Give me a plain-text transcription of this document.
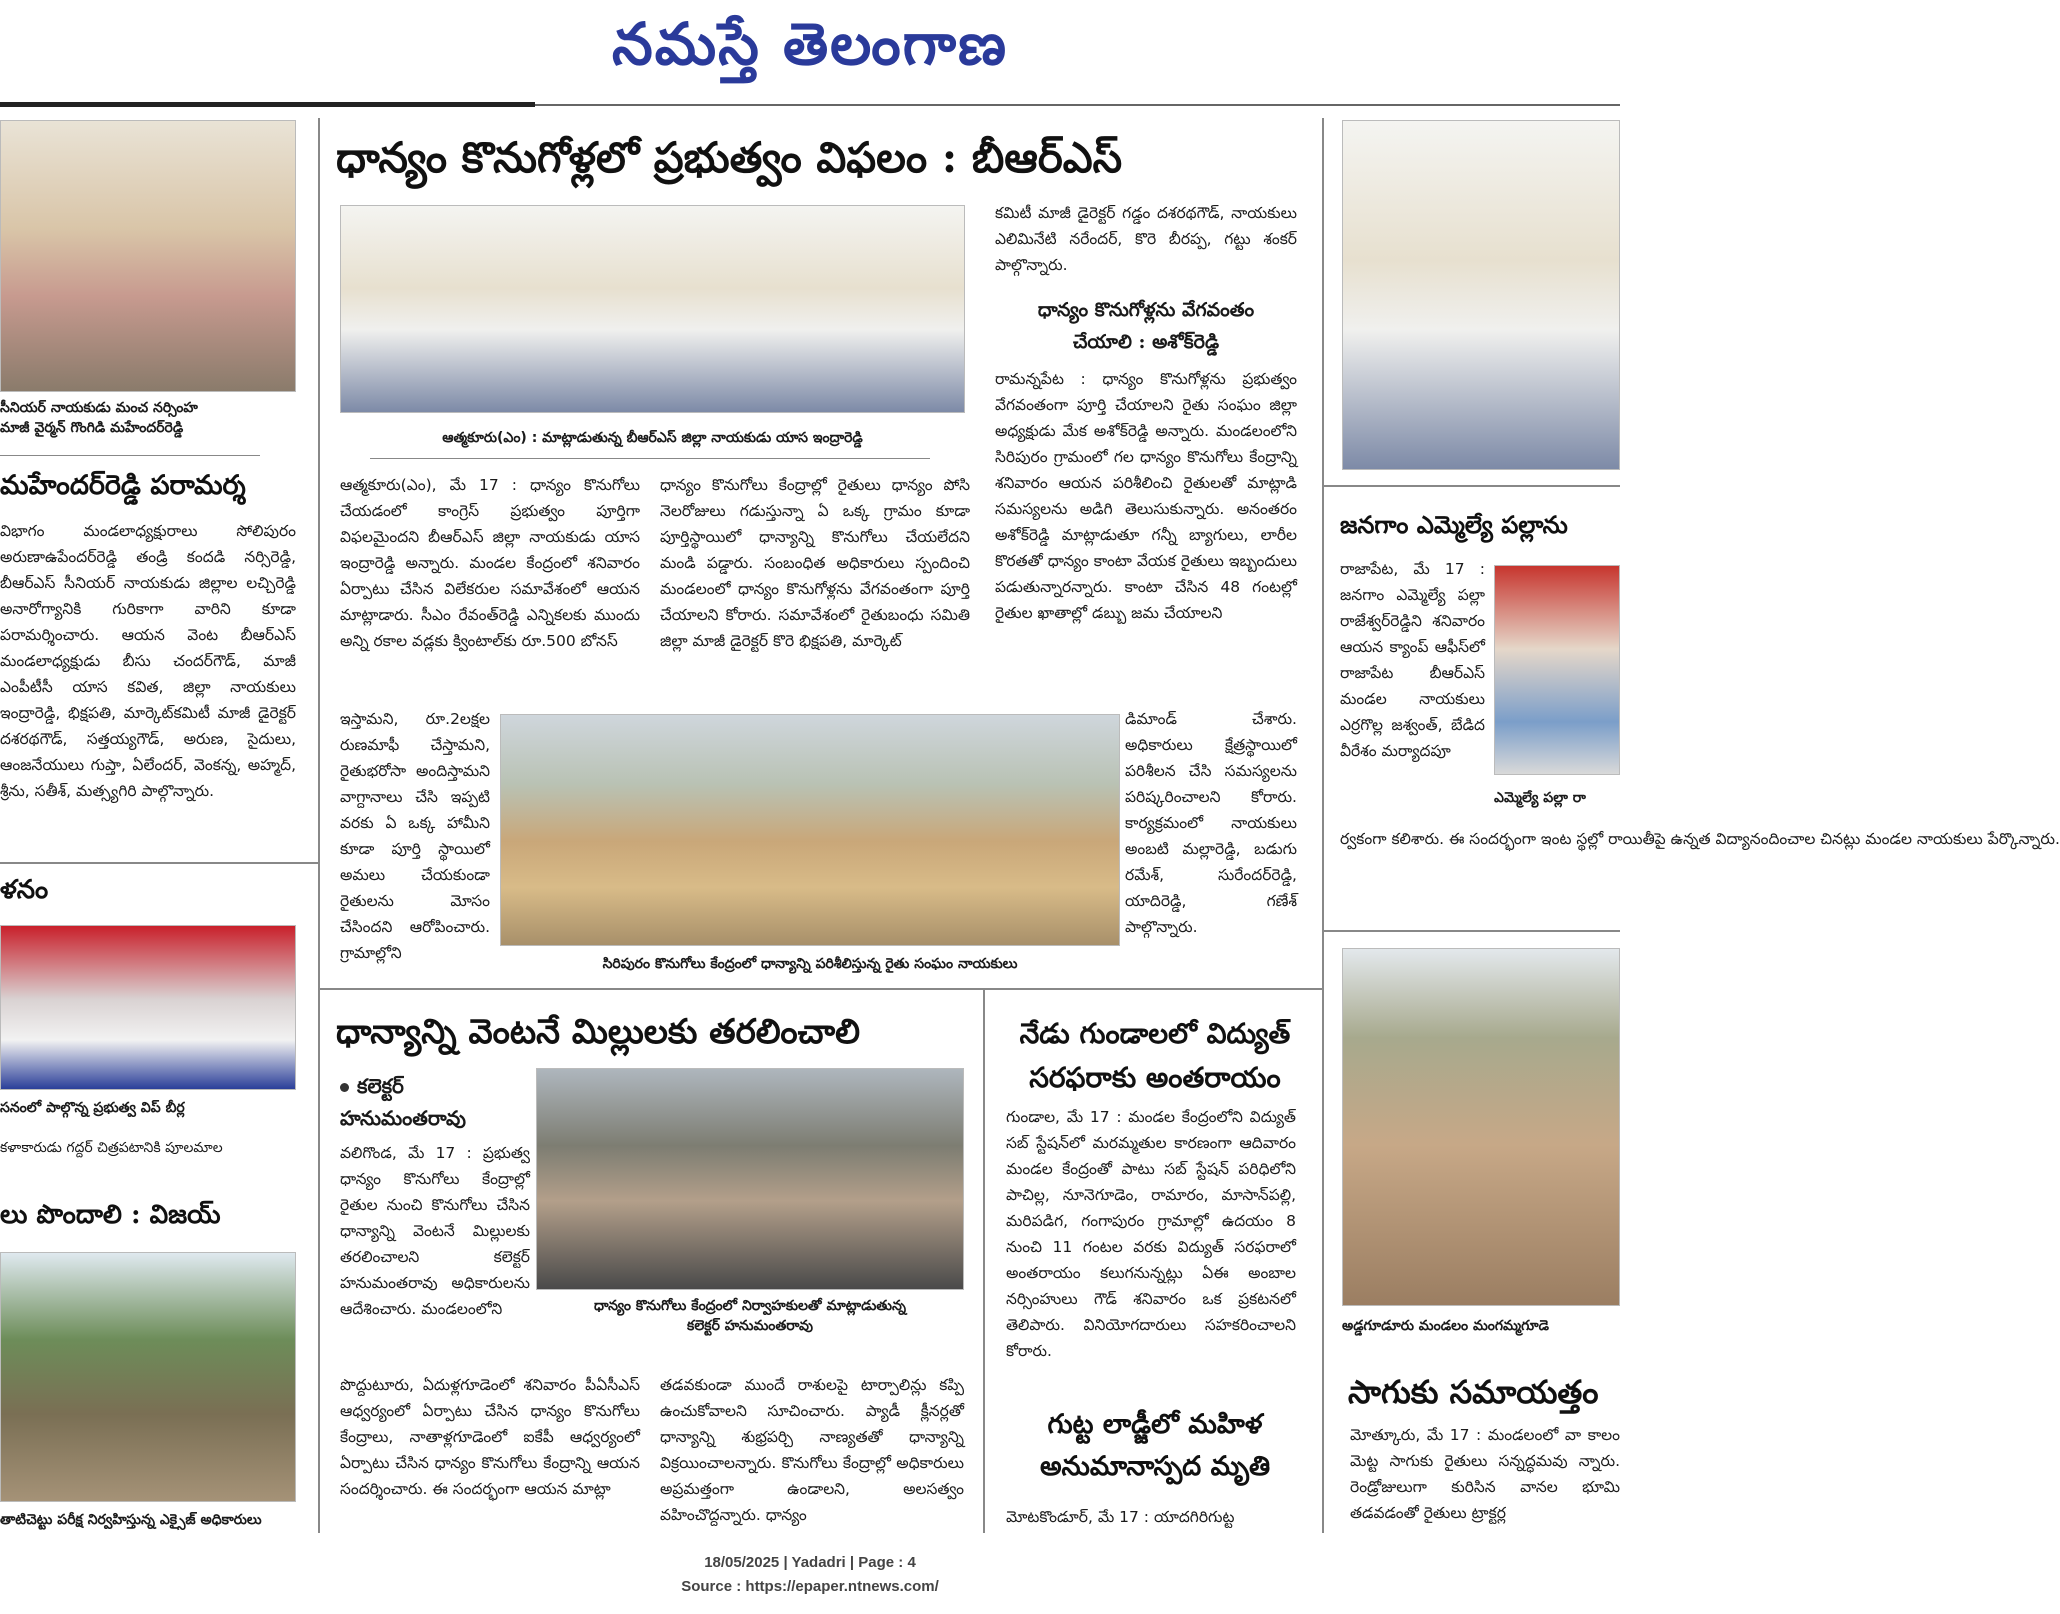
నమస్తే తెలంగాణ
సీనియర్ నాయకుడు మంచ నర్సింహ
మాజీ వైర్మన్ గొంగిడి మహేందర్‌రెడ్డి
మహేందర్‌రెడ్డి పరామర్శ
విభాగం మండలాధ్యక్షురాలు సోలిపురం అరుణాఉపేందర్‌రెడ్డి తండ్రి కందడి నర్సిరెడ్డి, బీఆర్‌ఎస్ సీనియర్ నాయకుడు జిల్లాల లచ్చిరెడ్డి అనారోగ్యానికి గురికాగా వారిని కూడా పరామర్శించారు. ఆయన వెంట బీఆర్‌ఎస్ మండలాధ్యక్షుడు బీసు చందర్‌గౌడ్, మాజీ ఎంపీటీసీ యాస కవిత, జిల్లా నాయకులు ఇంద్రారెడ్డి, భిక్షపతి, మార్కెట్‌కమిటీ మాజీ డైరెక్టర్ దశరథగౌడ్, సత్తయ్యగౌడ్, అరుణ, సైదులు, ఆంజనేయులు గుప్తా, ఏలేందర్, వెంకన్న, అహ్మద్, శ్రీను, సతీశ్, మత్స్యగిరి పాల్గొన్నారు.
ళనం
సనంలో పాల్గొన్న ప్రభుత్వ విప్ బీర్ల
కళాకారుడు గద్దర్ చిత్రపటానికి పూలమాల
లు పొందాలి : విజయ్
తాటిచెట్టు పరీక్ష నిర్వహిస్తున్న ఎక్సైజ్ అధికారులు
ధాన్యం కొనుగోళ్లలో ప్రభుత్వం విఫలం : బీఆర్‌ఎస్
ఆత్మకూరు(ఎం) : మాట్లాడుతున్న బీఆర్‌ఎస్ జిల్లా నాయకుడు యాస ఇంద్రారెడ్డి
ఆత్మకూరు(ఎం), మే 17 : ధాన్యం కొనుగోలు చేయడంలో కాంగ్రెస్ ప్రభుత్వం పూర్తిగా విఫలమైందని బీఆర్‌ఎస్ జిల్లా నాయకుడు యాస ఇంద్రారెడ్డి అన్నారు. మండల కేంద్రంలో శనివారం ఏర్పాటు చేసిన విలేకరుల సమావేశంలో ఆయన మాట్లాడారు. సీఎం రేవంత్‌రెడ్డి ఎన్నికలకు ముందు అన్ని రకాల వడ్లకు క్వింటాల్‌కు రూ.500 బోనస్
ఇస్తామని, రూ.2లక్షల రుణమాఫీ చేస్తామని, రైతుభరోసా అందిస్తామని వాగ్దానాలు చేసి ఇప్పటి వరకు ఏ ఒక్క హామీని కూడా పూర్తి స్థాయిలో అమలు చేయకుండా రైతులను మోసం చేసిందని ఆరోపించారు. గ్రామాల్లోని
ధాన్యం కొనుగోలు కేంద్రాల్లో రైతులు ధాన్యం పోసి నెలరోజులు గడుస్తున్నా ఏ ఒక్క గ్రామం కూడా పూర్తిస్థాయిలో ధాన్యాన్ని కొనుగోలు చేయలేదని మండి పడ్డారు. సంబంధిత అధికారులు స్పందించి మండలంలో ధాన్యం కొనుగోళ్లను వేగవంతంగా పూర్తి చేయాలని కోరారు. సమావేశంలో రైతుబంధు సమితి జిల్లా మాజీ డైరెక్టర్ కొరె భిక్షపతి, మార్కెట్
కమిటీ మాజీ డైరెక్టర్ గడ్డం దశరథగౌడ్, నాయకులు ఎలిమినేటి నరేందర్, కొరె బీరప్ప, గట్టు శంకర్ పాల్గొన్నారు.
ధాన్యం కొనుగోళ్లను వేగవంతం
చేయాలి : అశోక్‌రెడ్డి
రామన్నపేట : ధాన్యం కొనుగోళ్లను ప్రభుత్వం వేగవంతంగా పూర్తి చేయాలని రైతు సంఘం జిల్లా అధ్యక్షుడు మేక అశోక్‌రెడ్డి అన్నారు. మండలంలోని సిరిపురం గ్రామంలో గల ధాన్యం కొనుగోలు కేంద్రాన్ని శనివారం ఆయన పరిశీలించి రైతులతో మాట్లాడి సమస్యలను అడిగి తెలుసుకున్నారు. అనంతరం అశోక్‌రెడ్డి మాట్లాడుతూ గన్నీ బ్యాగులు, లారీల కొరతతో ధాన్యం కాంటా వేయక రైతులు ఇబ్బందులు పడుతున్నారన్నారు. కాంటా చేసిన 48 గంటల్లో రైతుల ఖాతాల్లో డబ్బు జమ చేయాలని
డిమాండ్ చేశారు. అధికారులు క్షేత్రస్థాయిలో పరిశీలన చేసి సమస్యలను పరిష్కరించాలని కోరారు. కార్యక్రమంలో నాయకులు అంబటి మల్లారెడ్డి, బడుగు రమేశ్, సురేందర్‌రెడ్డి, యాదిరెడ్డి, గణేశ్ పాల్గొన్నారు.
సిరిపురం కొనుగోలు కేంద్రంలో ధాన్యాన్ని పరిశీలిస్తున్న రైతు సంఘం నాయకులు
ధాన్యాన్ని వెంటనే మిల్లులకు తరలించాలి
కలెక్టర్
హనుమంతరావు
వలిగొండ, మే 17 : ప్రభుత్వ ధాన్యం కొనుగోలు కేంద్రాల్లో రైతుల నుంచి కొనుగోలు చేసిన ధాన్యాన్ని వెంటనే మిల్లులకు తరలించాలని కలెక్టర్ హనుమంతరావు అధికారులను ఆదేశించారు. మండలంలోని	ధాన్యం కొనుగోలు కేంద్రంలో నిర్వాహకులతో మాట్లాడుతున్న
కలెక్టర్ హనుమంతరావు
పొద్దుటూరు, ఏదుళ్లగూడెంలో శనివారం పీఏసీఎస్ ఆధ్వర్యంలో ఏర్పాటు చేసిన ధాన్యం కొనుగోలు కేంద్రాలు, నాతాళ్లగూడెంలో ఐకేపీ ఆధ్వర్యంలో ఏర్పాటు చేసిన ధాన్యం కొనుగోలు కేంద్రాన్ని ఆయన సందర్శించారు. ఈ సందర్భంగా ఆయన మాట్లా
తడవకుండా ముందే రాశులపై టార్పాలిన్లు కప్పి ఉంచుకోవాలని సూచించారు. ప్యాడీ క్లీనర్లతో ధాన్యాన్ని శుభ్రపర్చి నాణ్యతతో ధాన్యాన్ని విక్రయించాలన్నారు. కొనుగోలు కేంద్రాల్లో అధికారులు అప్రమత్తంగా ఉండాలని, అలసత్వం వహించొద్దన్నారు. ధాన్యం
నేడు గుండాలలో విద్యుత్
సరఫరాకు అంతరాయం
గుండాల, మే 17 : మండల కేంద్రంలోని విద్యుత్ సబ్ స్టేషన్‌లో మరమ్మతుల కారణంగా ఆదివారం మండల కేంద్రంతో పాటు సబ్ స్టేషన్ పరిధిలోని పాచిల్ల, నూనెగూడెం, రామారం, మాసాన్‌పల్లి, మరిపడిగ, గంగాపురం గ్రామాల్లో ఉదయం 8 నుంచి 11 గంటల వరకు విద్యుత్ సరఫరాలో అంతరాయం కలుగనున్నట్లు ఏఈ అంబాల నర్సింహులు గౌడ్ శనివారం ఒక ప్రకటనలో తెలిపారు. వినియోగదారులు సహకరించాలని కోరారు.
గుట్ట లాడ్జీలో మహిళ
అనుమానాస్పద మృతి
మోటకొండూర్, మే 17 : యాదగిరిగుట్ట
జనగాం ఎమ్మెల్యే పల్లాను
రాజాపేట, మే 17 : జనగాం ఎమ్మెల్యే పల్లా రాజేశ్వర్‌రెడ్డిని శనివారం ఆయన క్యాంప్ ఆఫీస్‌లో రాజాపేట బీఆర్‌ఎస్ మండల నాయకులు ఎర్రగొల్ల జశ్వంత్, బేడిద వీరేశం మర్యాదపూ
ఎమ్మెల్యే పల్లా రా
ర్వకంగా కలిశారు. ఈ సందర్భంగా ఇంట స్థల్లో రాయితీపై ఉన్నత విద్యానందించాల చినట్లు మండల నాయకులు పేర్కొన్నారు.
అడ్డగూడూరు మండలం మంగమ్మగూడె
సాగుకు సమాయత్తం
మోత్కూరు, మే 17 : మండలంలో వా కాలం మెట్ట సాగుకు రైతులు సన్నద్ధమవు న్నారు. రెండ్రోజులుగా కురిసిన వానల భూమి తడవడంతో రైతులు ట్రాక్టర్ల
18/05/2025 | Yadadri | Page : 4
Source : https://epaper.ntnews.com/
